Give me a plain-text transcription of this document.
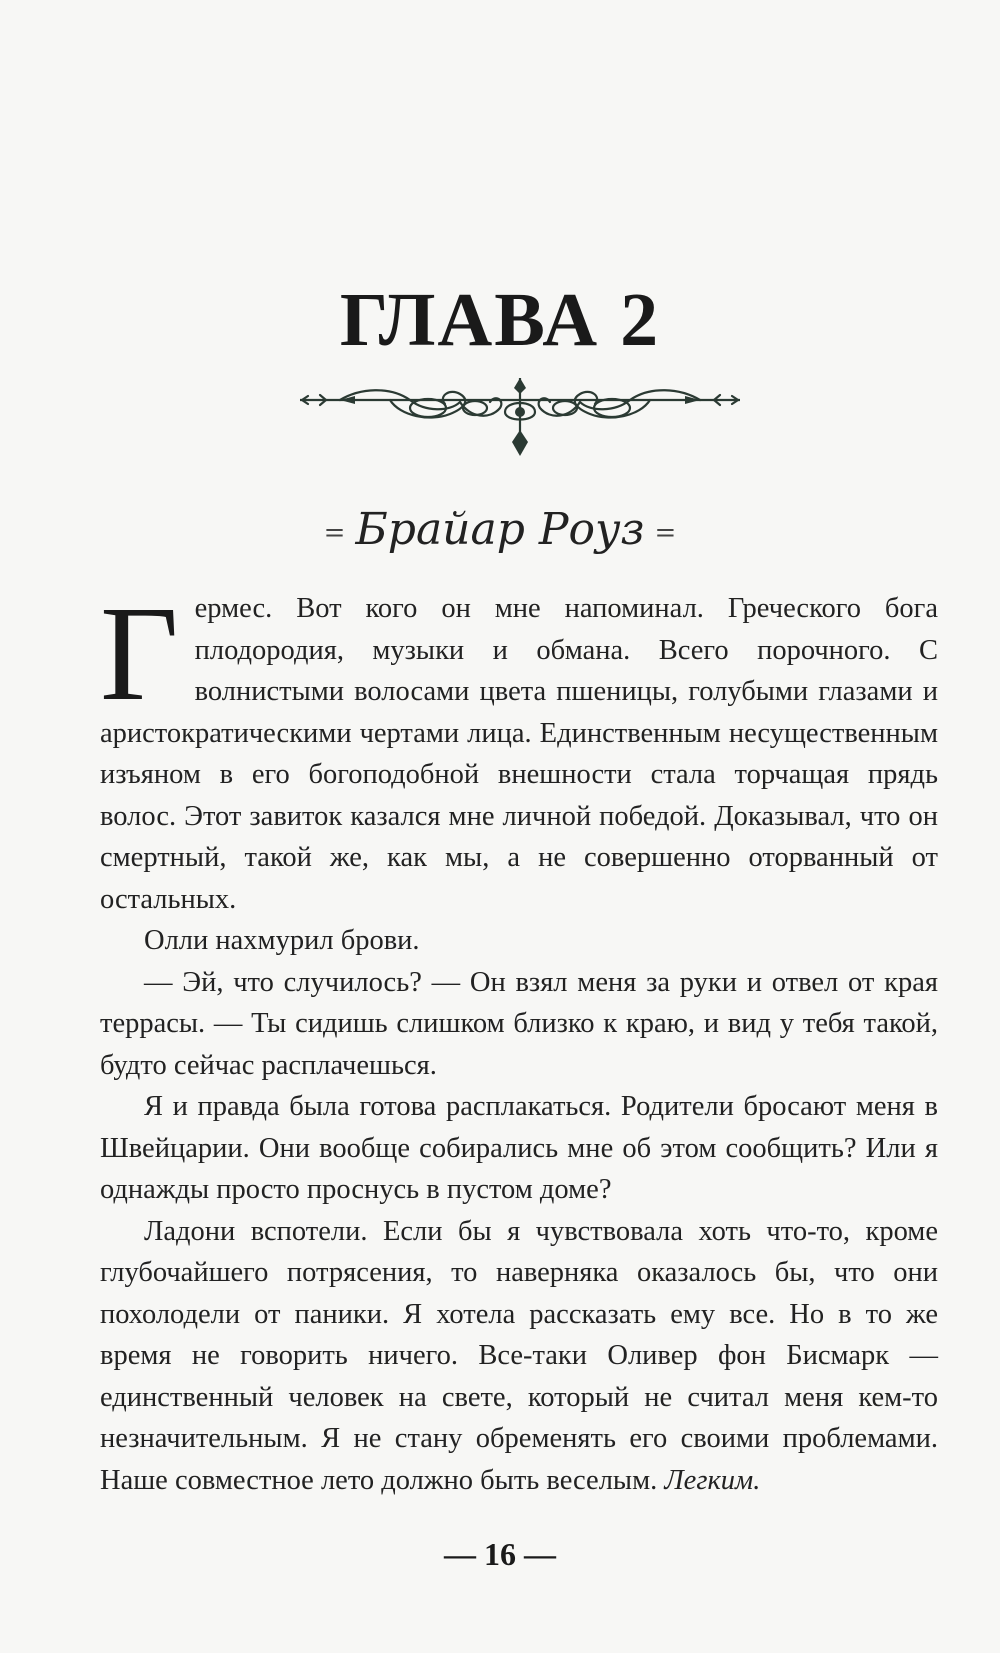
ГЛАВА 2
= Брайар Роуз =

Гермес. Вот кого он мне напоминал. Греческого бога плодородия, музыки и обмана. Всего порочного. С волнистыми волосами цвета пшеницы, голубыми глазами и аристократическими чертами лица. Единственным несущественным изъяном в его богоподобной внешности стала торчащая прядь волос. Этот завиток казался мне личной победой. Доказывал, что он смертный, такой же, как мы, а не совершенно оторванный от остальных.

Олли нахмурил брови.

— Эй, что случилось? — Он взял меня за руки и отвел от края террасы. — Ты сидишь слишком близко к краю, и вид у тебя такой, будто сейчас расплачешься.

Я и правда была готова расплакаться. Родители бросают меня в Швейцарии. Они вообще собирались мне об этом сообщить? Или я однажды просто проснусь в пустом доме?

Ладони вспотели. Если бы я чувствовала хоть что-то, кроме глубочайшего потрясения, то наверняка оказалось бы, что они похолодели от паники. Я хотела рассказать ему все. Но в то же время не говорить ничего. Все-таки Оливер фон Бисмарк — единственный человек на свете, который не считал меня кем-то незначительным. Я не стану обременять его своими проблемами. Наше совместное лето должно быть веселым. Легким.

— 16 —
